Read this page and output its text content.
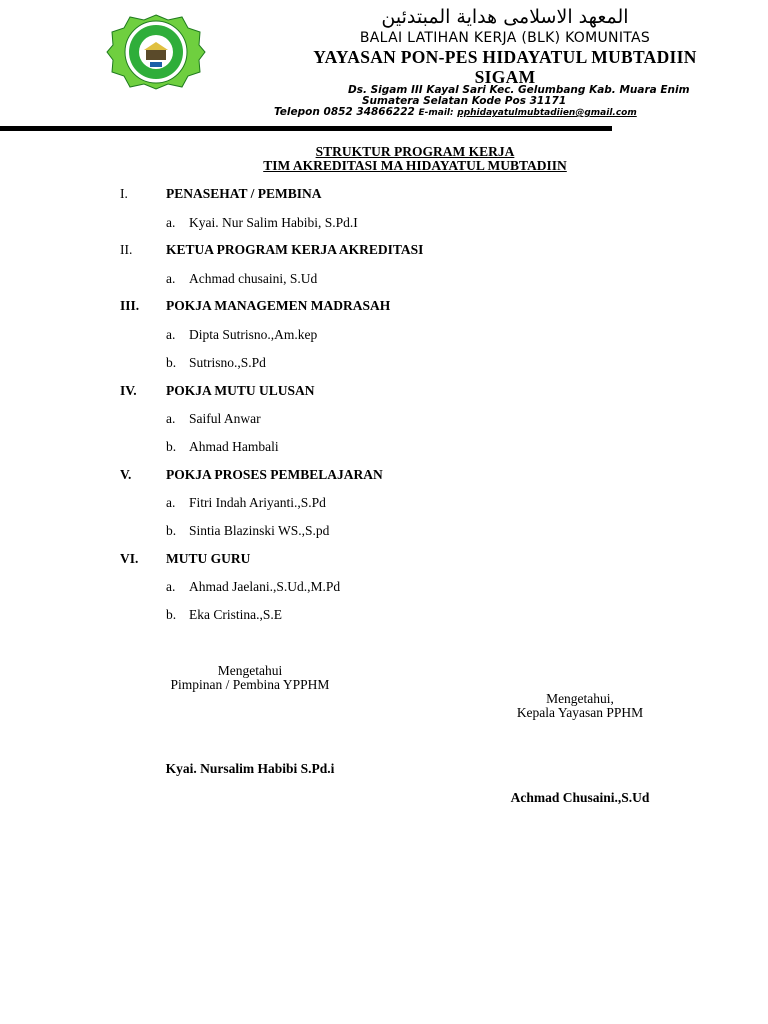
المعهد الاسلامى هداية المبتدئين
BALAI LATIHAN KERJA (BLK) KOMUNITAS
YAYASAN PON-PES HIDAYATUL MUBTADIIN
SIGAM
Ds. Sigam III Kayal Sari Kec. Gelumbang Kab. Muara Enim
Sumatera Selatan Kode Pos 31171
Telepon 0852 34866222 E-mail: pphidayatulmubtadiien@gmail.com
STRUKTUR PROGRAM KERJA
TIM AKREDITASI MA HIDAYATUL MUBTADIIN
I.	PENASEHAT / PEMBINA
a. Kyai. Nur Salim Habibi, S.Pd.I
II. KETUA PROGRAM KERJA AKREDITASI
a. Achmad chusaini, S.Ud
III. POKJA MANAGEMEN MADRASAH
a. Dipta Sutrisno.,Am.kep
b. Sutrisno.,S.Pd
IV. POKJA MUTU ULUSAN
a. Saiful Anwar
b. Ahmad Hambali
V.	POKJA PROSES PEMBELAJARAN
a. Fitri Indah Ariyanti.,S.Pd
b. Sintia Blazinski WS.,S.pd
VI. MUTU GURU
a. Ahmad Jaelani.,S.Ud.,M.Pd
b. Eka Cristina.,S.E
Mengetahui
Pimpinan / Pembina YPPHM
Kyai. Nursalim Habibi S.Pd.i
Mengetahui,
Kepala Yayasan PPHM
Achmad Chusaini.,S.Ud
